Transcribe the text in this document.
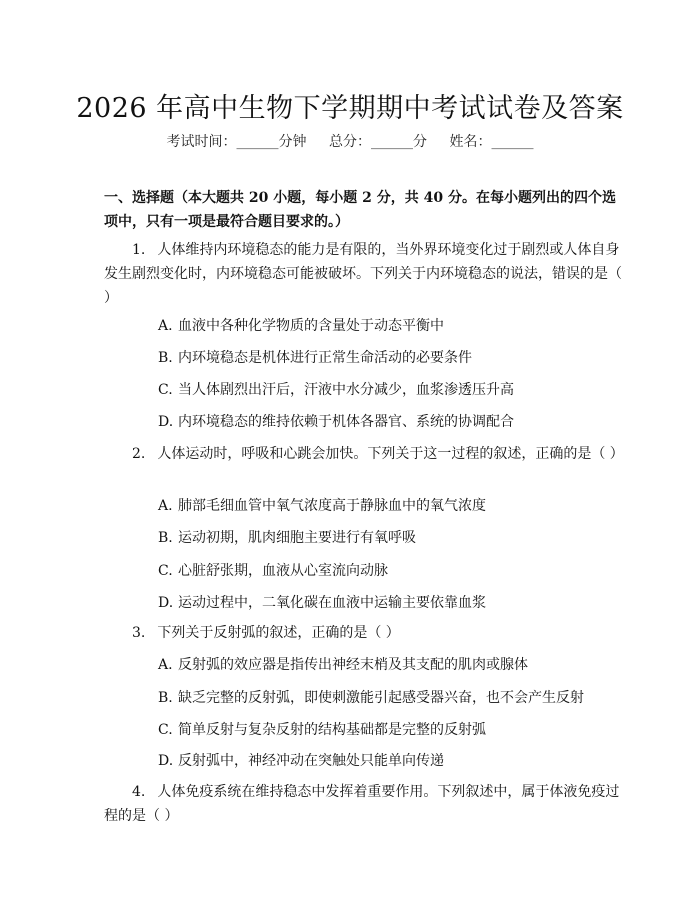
2026 年高中生物下学期期中考试试卷及答案
考试时间：______分钟 总分：______分 姓名：______
一、选择题（本大题共 20 小题，每小题 2 分，共 40 分。在每小题列出的四个选项中，只有一项是最符合题目要求的。）
1. 人体维持内环境稳态的能力是有限的，当外界环境变化过于剧烈或人体自身发生剧烈变化时，内环境稳态可能被破坏。下列关于内环境稳态的说法，错误的是（ ）
A. 血液中各种化学物质的含量处于动态平衡中
B. 内环境稳态是机体进行正常生命活动的必要条件
C. 当人体剧烈出汗后，汗液中水分减少，血浆渗透压升高
D. 内环境稳态的维持依赖于机体各器官、系统的协调配合
2. 人体运动时，呼吸和心跳会加快。下列关于这一过程的叙述，正确的是（ ）
A. 肺部毛细血管中氧气浓度高于静脉血中的氧气浓度
B. 运动初期，肌肉细胞主要进行有氧呼吸
C. 心脏舒张期，血液从心室流向动脉
D. 运动过程中，二氧化碳在血液中运输主要依靠血浆
3. 下列关于反射弧的叙述，正确的是（ ）
A. 反射弧的效应器是指传出神经末梢及其支配的肌肉或腺体
B. 缺乏完整的反射弧，即使刺激能引起感受器兴奋，也不会产生反射
C. 简单反射与复杂反射的结构基础都是完整的反射弧
D. 反射弧中，神经冲动在突触处只能单向传递
4. 人体免疫系统在维持稳态中发挥着重要作用。下列叙述中，属于体液免疫过程的是（ ）
